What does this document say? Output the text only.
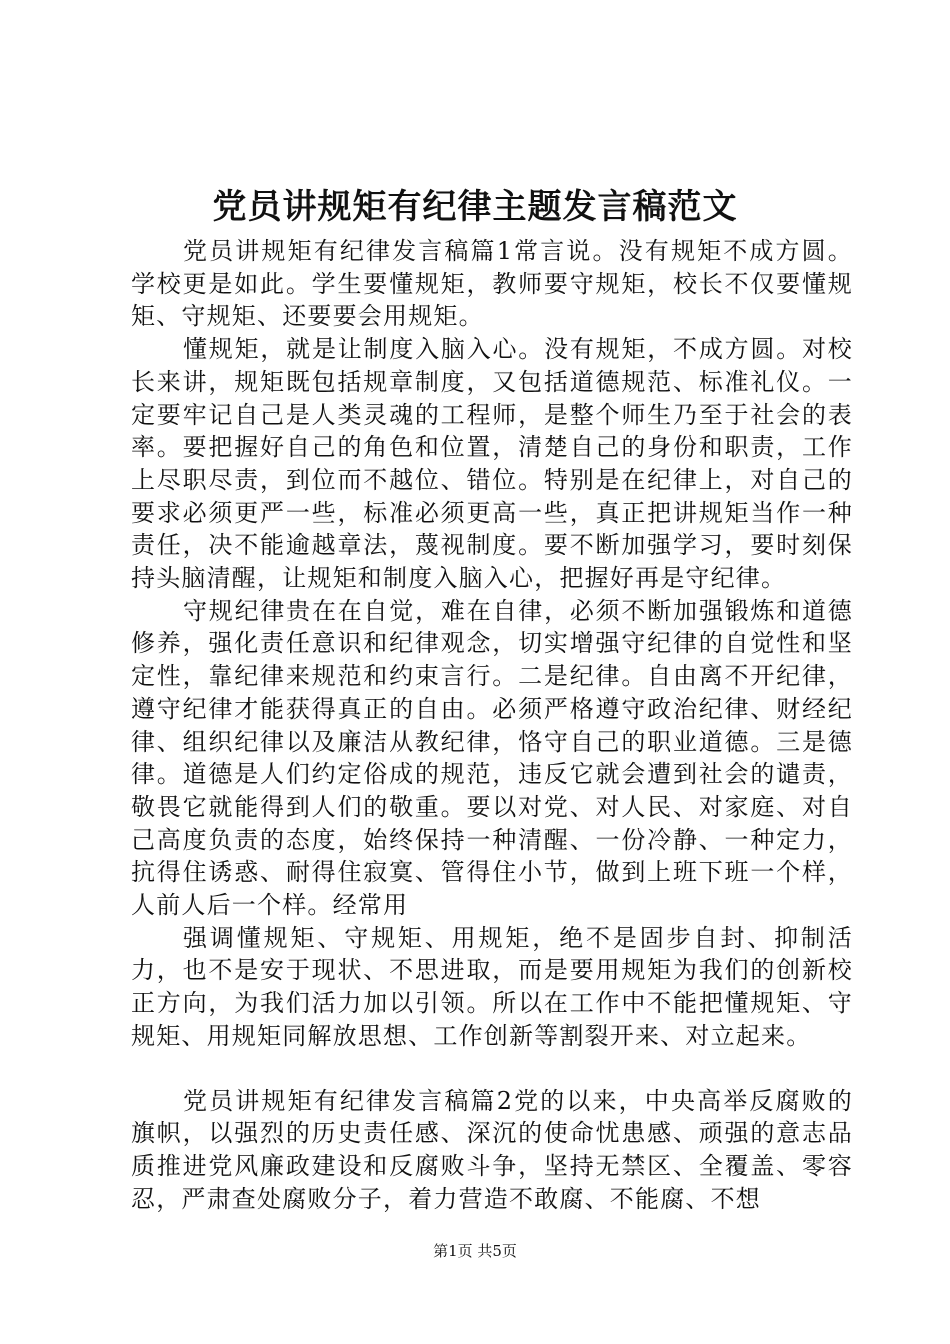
党员讲规矩有纪律主题发言稿范文

党员讲规矩有纪律发言稿篇1常言说。没有规矩不成方圆。学校更是如此。学生要懂规矩，教师要守规矩，校长不仅要懂规矩、守规矩、还要要会用规矩。

懂规矩，就是让制度入脑入心。没有规矩，不成方圆。对校长来讲，规矩既包括规章制度，又包括道德规范、标准礼仪。一定要牢记自己是人类灵魂的工程师，是整个师生乃至于社会的表率。要把握好自己的角色和位置，清楚自己的身份和职责，工作上尽职尽责，到位而不越位、错位。特别是在纪律上，对自己的要求必须更严一些，标准必须更高一些，真正把讲规矩当作一种责任，决不能逾越章法，蔑视制度。要不断加强学习，要时刻保持头脑清醒，让规矩和制度入脑入心，把握好再是守纪律。

守规纪律贵在在自觉，难在自律，必须不断加强锻炼和道德修养，强化责任意识和纪律观念，切实增强守纪律的自觉性和坚定性，靠纪律来规范和约束言行。二是纪律。自由离不开纪律，遵守纪律才能获得真正的自由。必须严格遵守政治纪律、财经纪律、组织纪律以及廉洁从教纪律，恪守自己的职业道德。三是德律。道德是人们约定俗成的规范，违反它就会遭到社会的谴责，敬畏它就能得到人们的敬重。要以对党、对人民、对家庭、对自己高度负责的态度，始终保持一种清醒、一份冷静、一种定力，抗得住诱惑、耐得住寂寞、管得住小节，做到上班下班一个样，人前人后一个样。经常用

强调懂规矩、守规矩、用规矩，绝不是固步自封、抑制活力，也不是安于现状、不思进取，而是要用规矩为我们的创新校正方向，为我们活力加以引领。所以在工作中不能把懂规矩、守规矩、用规矩同解放思想、工作创新等割裂开来、对立起来。

党员讲规矩有纪律发言稿篇2党的以来，中央高举反腐败的旗帜，以强烈的历史责任感、深沉的使命忧患感、顽强的意志品质推进党风廉政建设和反腐败斗争，坚持无禁区、全覆盖、零容忍，严肃查处腐败分子，着力营造不敢腐、不能腐、不想

第1页 共5页
